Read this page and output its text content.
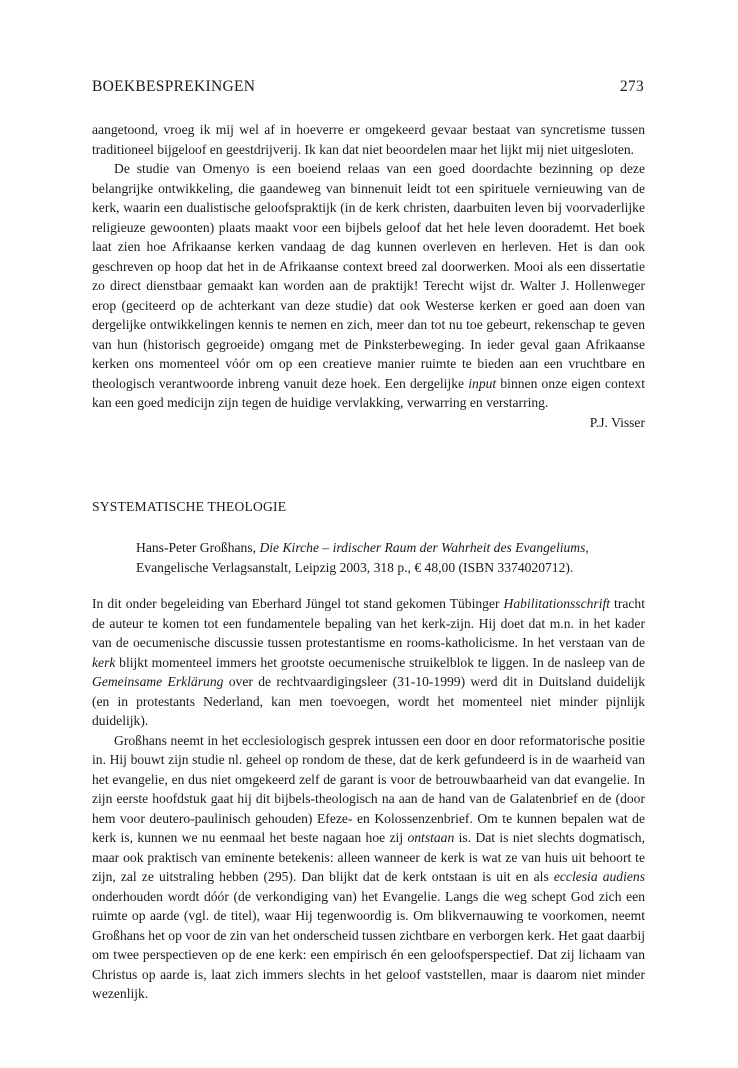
BOEKBESPREKINGEN	273

aangetoond, vroeg ik mij wel af in hoeverre er omgekeerd gevaar bestaat van syncretisme tussen traditioneel bijgeloof en geestdrijverij. Ik kan dat niet beoordelen maar het lijkt mij niet uitgesloten.

De studie van Omenyo is een boeiend relaas van een goed doordachte bezinning op deze belangrijke ontwikkeling, die gaandeweg van binnenuit leidt tot een spirituele vernieuwing van de kerk, waarin een dualistische geloofspraktijk (in de kerk christen, daarbuiten leven bij voorvaderlijke religieuze gewoonten) plaats maakt voor een bijbels geloof dat het hele leven doorademt. Het boek laat zien hoe Afrikaanse kerken vandaag de dag kunnen overleven en herleven. Het is dan ook geschreven op hoop dat het in de Afrikaanse context breed zal doorwerken. Mooi als een dissertatie zo direct dienstbaar gemaakt kan worden aan de praktijk! Terecht wijst dr. Walter J. Hollenweger erop (geciteerd op de achterkant van deze studie) dat ook Westerse kerken er goed aan doen van dergelijke ontwikkelingen kennis te nemen en zich, meer dan tot nu toe gebeurt, rekenschap te geven van hun (historisch gegroeide) omgang met de Pinksterbeweging. In ieder geval gaan Afrikaanse kerken ons momenteel vóór om op een creatieve manier ruimte te bieden aan een vruchtbare en theologisch verantwoorde inbreng vanuit deze hoek. Een dergelijke input binnen onze eigen context kan een goed medicijn zijn tegen de huidige vervlakking, verwarring en verstarring.

P.J. Visser

SYSTEMATISCHE THEOLOGIE
Hans-Peter Großhans, Die Kirche – irdischer Raum der Wahrheit des Evangeliums,
Evangelische Verlagsanstalt, Leipzig 2003, 318 p., € 48,00 (ISBN 3374020712).

In dit onder begeleiding van Eberhard Jüngel tot stand gekomen Tübinger Habilitationsschrift tracht de auteur te komen tot een fundamentele bepaling van het kerk-zijn. Hij doet dat m.n. in het kader van de oecumenische discussie tussen protestantisme en rooms-katholicisme. In het verstaan van de kerk blijkt momenteel immers het grootste oecumenische struikelblok te liggen. In de nasleep van de Gemeinsame Erklärung over de rechtvaardigingsleer (31-10-1999) werd dit in Duitsland duidelijk (en in protestants Nederland, kan men toevoegen, wordt het momenteel niet minder pijnlijk duidelijk).

Großhans neemt in het ecclesiologisch gesprek intussen een door en door reformatorische positie in. Hij bouwt zijn studie nl. geheel op rondom de these, dat de kerk gefundeerd is in de waarheid van het evangelie, en dus niet omgekeerd zelf de garant is voor de betrouwbaarheid van dat evangelie. In zijn eerste hoofdstuk gaat hij dit bijbels-theologisch na aan de hand van de Galatenbrief en de (door hem voor deutero-paulinisch gehouden) Efeze- en Kolossenzenbrief. Om te kunnen bepalen wat de kerk is, kunnen we nu eenmaal het beste nagaan hoe zij ontstaan is. Dat is niet slechts dogmatisch, maar ook praktisch van eminente betekenis: alleen wanneer de kerk is wat ze van huis uit behoort te zijn, zal ze uitstraling hebben (295). Dan blijkt dat de kerk ontstaan is uit en als ecclesia audiens onderhouden wordt dóór (de verkondiging van) het Evangelie. Langs die weg schept God zich een ruimte op aarde (vgl. de titel), waar Hij tegenwoordig is. Om blikvernauwing te voorkomen, neemt Großhans het op voor de zin van het onderscheid tussen zichtbare en verborgen kerk. Het gaat daarbij om twee perspectieven op de ene kerk: een empirisch én een geloofsperspectief. Dat zij lichaam van Christus op aarde is, laat zich immers slechts in het geloof vaststellen, maar is daarom niet minder wezenlijk.
